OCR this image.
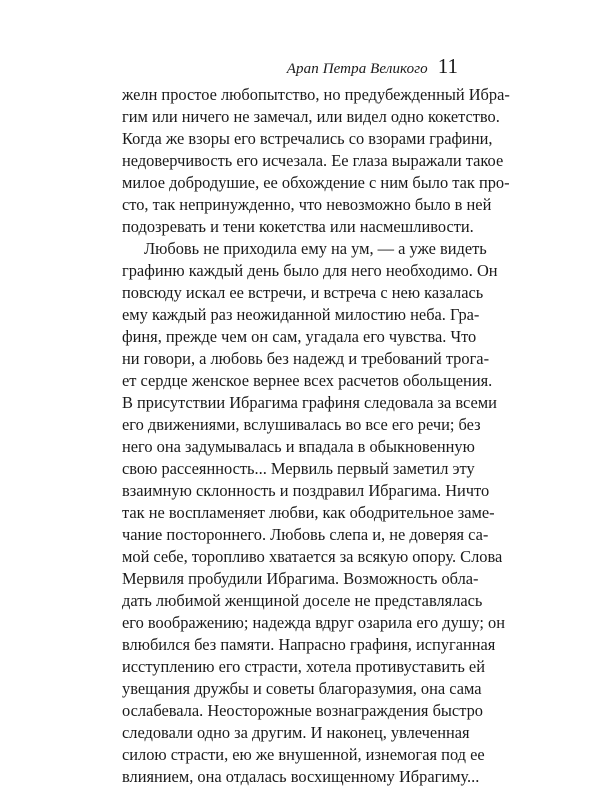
Арап Петра Великого 11
желн простое любопытство, но предубежденный Ибра-
гим или ничего не замечал, или видел одно кокетство.
Когда же взоры его встречались со взорами графини,
недоверчивость его исчезала. Ее глаза выражали такое
милое добродушие, ее обхождение с ним было так про-
сто, так непринужденно, что невозможно было в ней
подозревать и тени кокетства или насмешливости.
Любовь не приходила ему на ум, — а уже видеть
графиню каждый день было для него необходимо. Он
повсюду искал ее встречи, и встреча с нею казалась
ему каждый раз неожиданной милостию неба. Гра-
финя, прежде чем он сам, угадала его чувства. Что
ни говори, а любовь без надежд и требований трога-
ет сердце женское вернее всех расчетов обольщения.
В присутствии Ибрагима графиня следовала за всеми
его движениями, вслушивалась во все его речи; без
него она задумывалась и впадала в обыкновенную
свою рассеянность... Мервиль первый заметил эту
взаимную склонность и поздравил Ибрагима. Ничто
так не воспламеняет любви, как ободрительное заме-
чание постороннего. Любовь слепа и, не доверяя са-
мой себе, торопливо хватается за всякую опору. Слова
Мервиля пробудили Ибрагима. Возможность обла-
дать любимой женщиной доселе не представлялась
его воображению; надежда вдруг озарила его душу; он
влюбился без памяти. Напрасно графиня, испуганная
исступлению его страсти, хотела противуставить ей
увещания дружбы и советы благоразумия, она сама
ослабевала. Неосторожные вознаграждения быстро
следовали одно за другим. И наконец, увлеченная
силою страсти, ею же внушенной, изнемогая под ее
влиянием, она отдалась восхищенному Ибрагиму...
